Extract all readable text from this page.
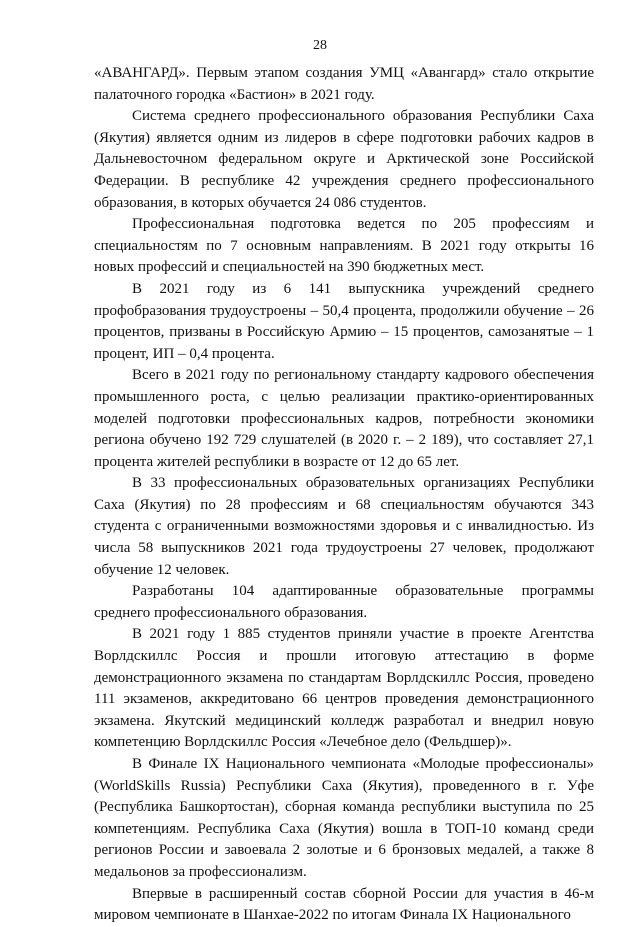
28

«АВАНГАРД». Первым этапом создания УМЦ «Авангард» стало открытие палаточного городка «Бастион» в 2021 году.

Система среднего профессионального образования Республики Саха (Якутия) является одним из лидеров в сфере подготовки рабочих кадров в Дальневосточном федеральном округе и Арктической зоне Российской Федерации. В республике 42 учреждения среднего профессионального образования, в которых обучается 24 086 студентов.

Профессиональная подготовка ведется по 205 профессиям и специальностям по 7 основным направлениям. В 2021 году открыты 16 новых профессий и специальностей на 390 бюджетных мест.

В 2021 году из 6 141 выпускника учреждений среднего профобразования трудоустроены – 50,4 процента, продолжили обучение – 26 процентов, призваны в Российскую Армию – 15 процентов, самозанятые – 1 процент, ИП – 0,4 процента.

Всего в 2021 году по региональному стандарту кадрового обеспечения промышленного роста, с целью реализации практико-ориентированных моделей подготовки профессиональных кадров, потребности экономики региона обучено 192 729 слушателей (в 2020 г. – 2 189), что составляет 27,1 процента жителей республики в возрасте от 12 до 65 лет.

В 33 профессиональных образовательных организациях Республики Саха (Якутия) по 28 профессиям и 68 специальностям обучаются 343 студента с ограниченными возможностями здоровья и с инвалидностью. Из числа 58 выпускников 2021 года трудоустроены 27 человек, продолжают обучение 12 человек.

Разработаны 104 адаптированные образовательные программы среднего профессионального образования.

В 2021 году 1 885 студентов приняли участие в проекте Агентства Ворлдскиллс Россия и прошли итоговую аттестацию в форме демонстрационного экзамена по стандартам Ворлдскиллс Россия, проведено 111 экзаменов, аккредитовано 66 центров проведения демонстрационного экзамена. Якутский медицинский колледж разработал и внедрил новую компетенцию Ворлдскиллс Россия «Лечебное дело (Фельдшер)».

В Финале IX Национального чемпионата «Молодые профессионалы» (WorldSkills Russia) Республики Саха (Якутия), проведенного в г. Уфе (Республика Башкортостан), сборная команда республики выступила по 25 компетенциям. Республика Саха (Якутия) вошла в ТОП-10 команд среди регионов России и завоевала 2 золотые и 6 бронзовых медалей, а также 8 медальонов за профессионализм.

Впервые в расширенный состав сборной России для участия в 46-м мировом чемпионате в Шанхае-2022 по итогам Финала IX Национального
